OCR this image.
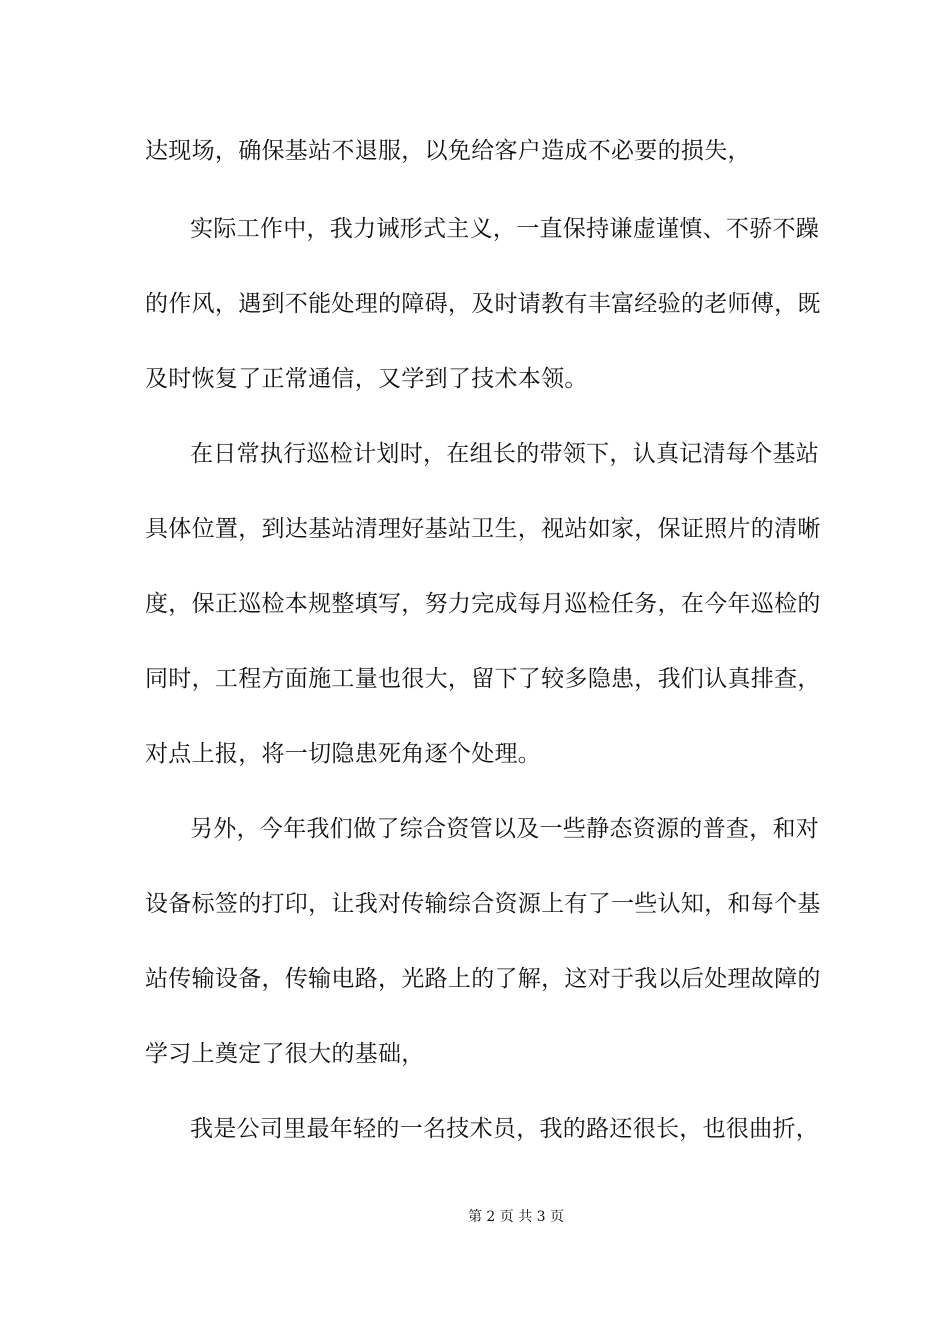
达现场，确保基站不退服，以免给客户造成不必要的损失，
实际工作中，我力诫形式主义，一直保持谦虚谨慎、不骄不躁
的作风，遇到不能处理的障碍，及时请教有丰富经验的老师傅，既
及时恢复了正常通信，又学到了技术本领。
在日常执行巡检计划时，在组长的带领下，认真记清每个基站
具体位置，到达基站清理好基站卫生，视站如家，保证照片的清晰
度，保正巡检本规整填写，努力完成每月巡检任务，在今年巡检的
同时，工程方面施工量也很大，留下了较多隐患，我们认真排查，
对点上报，将一切隐患死角逐个处理。
另外，今年我们做了综合资管以及一些静态资源的普查，和对
设备标签的打印，让我对传输综合资源上有了一些认知，和每个基
站传输设备，传输电路，光路上的了解，这对于我以后处理故障的
学习上奠定了很大的基础，
我是公司里最年轻的一名技术员，我的路还很长，也很曲折，
第 2 页 共 3 页
